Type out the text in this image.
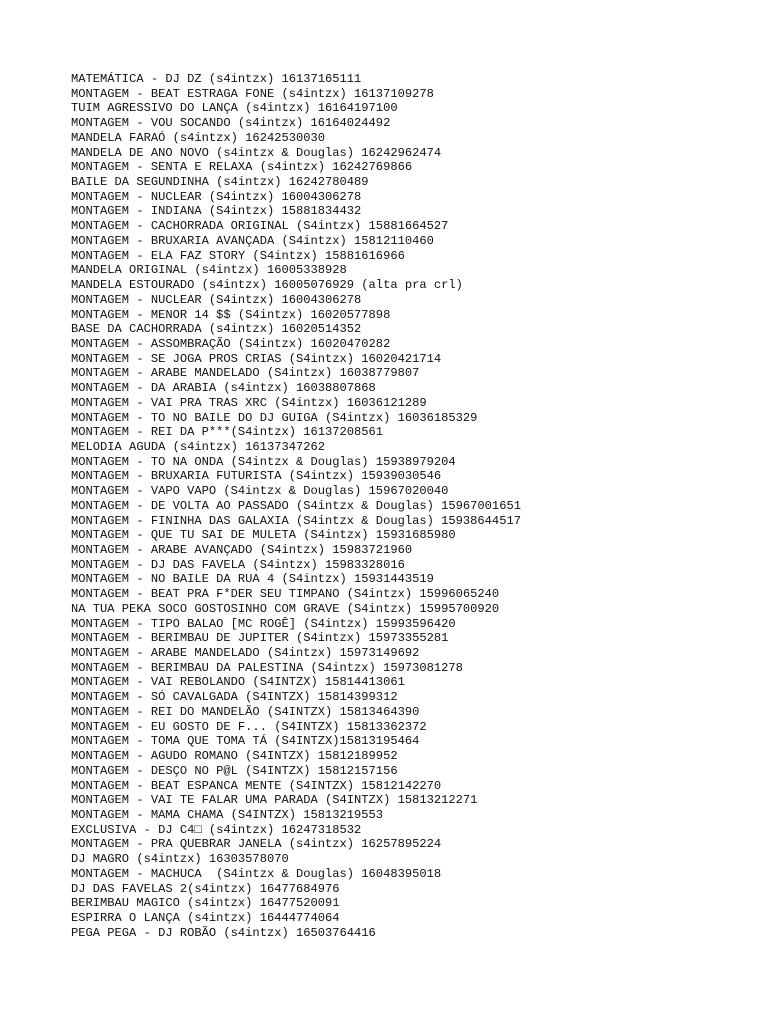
MATEMÁTICA - DJ DZ (s4intzx) 16137165111
MONTAGEM - BEAT ESTRAGA FONE (s4intzx) 16137109278
TUIM AGRESSIVO DO LANÇA (s4intzx) 16164197100
MONTAGEM - VOU SOCANDO (s4intzx) 16164024492
MANDELA FARAÓ (s4intzx) 16242530030
MANDELA DE ANO NOVO (s4intzx & Douglas) 16242962474
MONTAGEM - SENTA E RELAXA (s4intzx) 16242769866
BAILE DA SEGUNDINHA (s4intzx) 16242780489
MONTAGEM - NUCLEAR (S4intzx) 16004306278
MONTAGEM - INDIANA (S4intzx) 15881834432
MONTAGEM - CACHORRADA ORIGINAL (S4intzx) 15881664527
MONTAGEM - BRUXARIA AVANÇADA (S4intzx) 15812110460
MONTAGEM - ELA FAZ STORY (S4intzx) 15881616966
MANDELA ORIGINAL (s4intzx) 16005338928
MANDELA ESTOURADO (s4intzx) 16005076929 (alta pra crl)
MONTAGEM - NUCLEAR (S4intzx) 16004306278
MONTAGEM - MENOR 14 $$ (S4intzx) 16020577898
BASE DA CACHORRADA (s4intzx) 16020514352
MONTAGEM - ASSOMBRAÇÃO (S4intzx) 16020470282
MONTAGEM - SE JOGA PROS CRIAS (S4intzx) 16020421714
MONTAGEM - ARABE MANDELADO (S4intzx) 16038779807
MONTAGEM - DA ARABIA (s4intzx) 16038807868
MONTAGEM - VAI PRA TRAS XRC (S4intzx) 16036121289
MONTAGEM - TO NO BAILE DO DJ GUIGA (S4intzx) 16036185329
MONTAGEM - REI DA P***(S4intzx) 16137208561
MELODIA AGUDA (s4intzx) 16137347262
MONTAGEM - TO NA ONDA (S4intzx & Douglas) 15938979204
MONTAGEM - BRUXARIA FUTURISTA (S4intzx) 15939030546
MONTAGEM - VAPO VAPO (S4intzx & Douglas) 15967020040
MONTAGEM - DE VOLTA AO PASSADO (S4intzx & Douglas) 15967001651
MONTAGEM - FININHA DAS GALAXIA (S4intzx & Douglas) 15938644517
MONTAGEM - QUE TU SAI DE MULETA (S4intzx) 15931685980
MONTAGEM - ARABE AVANÇADO (S4intzx) 15983721960
MONTAGEM - DJ DAS FAVELA (S4intzx) 15983328016
MONTAGEM - NO BAILE DA RUA 4 (S4intzx) 15931443519
MONTAGEM - BEAT PRA F*DER SEU TIMPANO (S4intzx) 15996065240
NA TUA PEKA SOCO GOSTOSINHO COM GRAVE (S4intzx) 15995700920
MONTAGEM - TIPO BALAO [MC ROGÊ] (S4intzx) 15993596420
MONTAGEM - BERIMBAU DE JUPITER (S4intzx) 15973355281
MONTAGEM - ARABE MANDELADO (S4intzx) 15973149692
MONTAGEM - BERIMBAU DA PALESTINA (S4intzx) 15973081278
MONTAGEM - VAI REBOLANDO (S4INTZX) 15814413061
MONTAGEM - SÓ CAVALGADA (S4INTZX) 15814399312
MONTAGEM - REI DO MANDELÃO (S4INTZX) 15813464390
MONTAGEM - EU GOSTO DE F... (S4INTZX) 15813362372
MONTAGEM - TOMA QUE TOMA TÁ (S4INTZX)15813195464
MONTAGEM - AGUDO ROMANO (S4INTZX) 15812189952
MONTAGEM - DESÇO NO P@L (S4INTZX) 15812157156
MONTAGEM - BEAT ESPANCA MENTE (S4INTZX) 15812142270
MONTAGEM - VAI TE FALAR UMA PARADA (S4INTZX) 15813212271
MONTAGEM - MAMA CHAMA (S4INTZX) 15813219553
EXCLUSIVA - DJ C4□ (s4intzx) 16247318532
MONTAGEM - PRA QUEBRAR JANELA (s4intzx) 16257895224
DJ MAGRO (s4intzx) 16303578070
MONTAGEM - MACHUCA  (S4intzx & Douglas) 16048395018
DJ DAS FAVELAS 2(s4intzx) 16477684976
BERIMBAU MAGICO (s4intzx) 16477520091
ESPIRRA O LANÇA (s4intzx) 16444774064
PEGA PEGA - DJ ROBÃO (s4intzx) 16503764416
